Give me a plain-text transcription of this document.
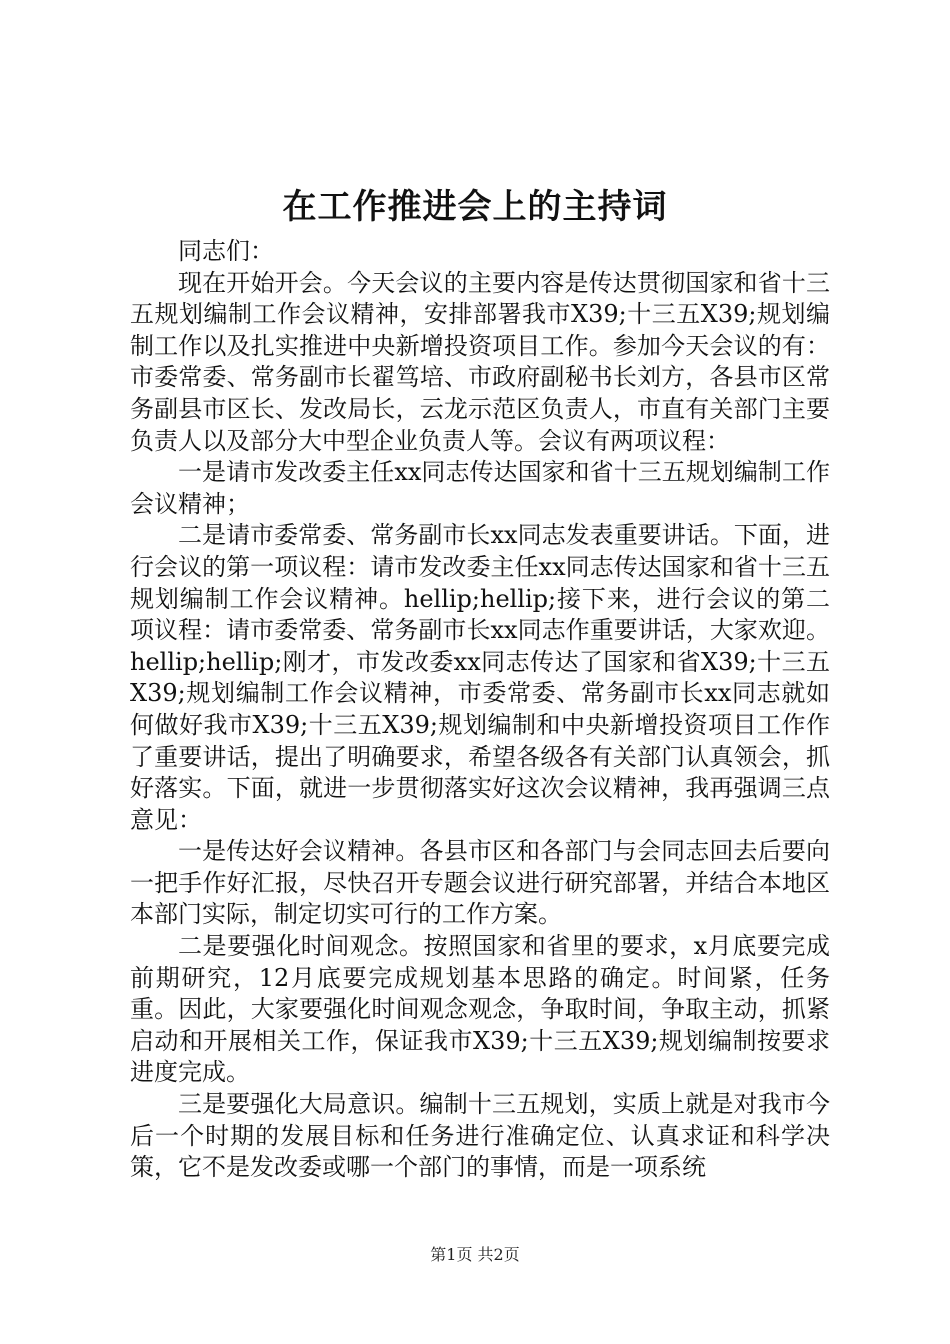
在工作推进会上的主持词

同志们：

现在开始开会。今天会议的主要内容是传达贯彻国家和省十三五规划编制工作会议精神，安排部署我市X39;十三五X39;规划编制工作以及扎实推进中央新增投资项目工作。参加今天会议的有：市委常委、常务副市长翟笃培、市政府副秘书长刘方，各县市区常务副县市区长、发改局长，云龙示范区负责人，市直有关部门主要负责人以及部分大中型企业负责人等。会议有两项议程：

一是请市发改委主任xx同志传达国家和省十三五规划编制工作会议精神；

二是请市委常委、常务副市长xx同志发表重要讲话。下面，进行会议的第一项议程：请市发改委主任xx同志传达国家和省十三五规划编制工作会议精神。hellip;hellip;接下来，进行会议的第二项议程：请市委常委、常务副市长xx同志作重要讲话，大家欢迎。hellip;hellip;刚才，市发改委xx同志传达了国家和省X39;十三五X39;规划编制工作会议精神，市委常委、常务副市长xx同志就如何做好我市X39;十三五X39;规划编制和中央新增投资项目工作作了重要讲话，提出了明确要求，希望各级各有关部门认真领会，抓好落实。下面，就进一步贯彻落实好这次会议精神，我再强调三点意见：

一是传达好会议精神。各县市区和各部门与会同志回去后要向一把手作好汇报，尽快召开专题会议进行研究部署，并结合本地区本部门实际，制定切实可行的工作方案。

二是要强化时间观念。按照国家和省里的要求，x月底要完成前期研究，12月底要完成规划基本思路的确定。时间紧，任务重。因此，大家要强化时间观念观念，争取时间，争取主动，抓紧启动和开展相关工作，保证我市X39;十三五X39;规划编制按要求进度完成。

三是要强化大局意识。编制十三五规划，实质上就是对我市今后一个时期的发展目标和任务进行准确定位、认真求证和科学决策，它不是发改委或哪一个部门的事情，而是一项系统

第1页 共2页
